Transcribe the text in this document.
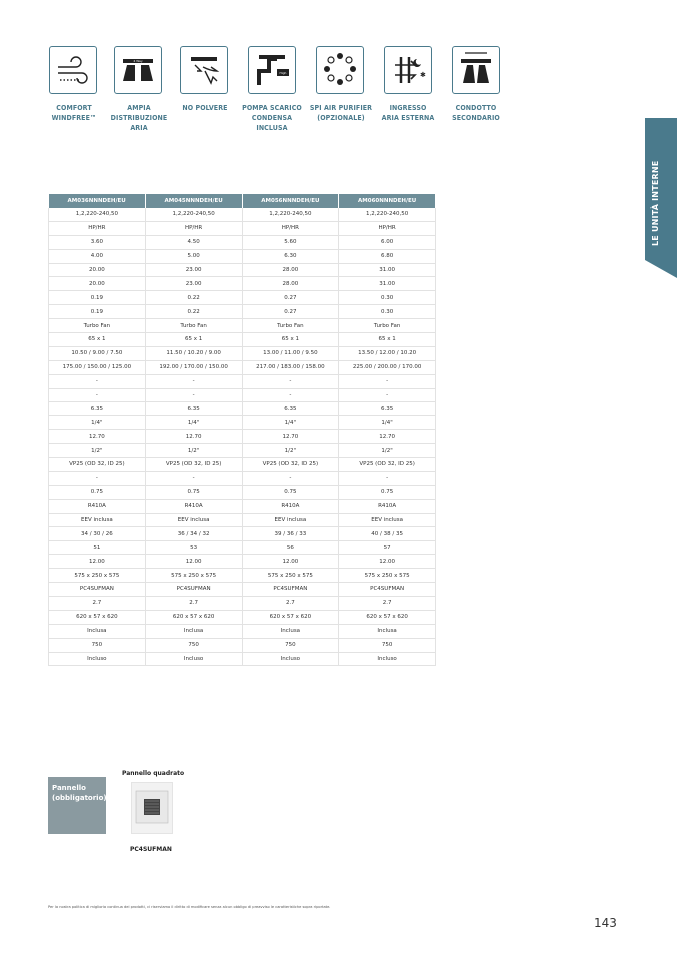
4 Way
High	✱
COMFORT
WINDFREE™
AMPIA
DISTRIBUZIONE
ARIA
NO POLVERE	POMPA SCARICO
CONDENSA
INCLUSA
SPI AIR PURIFIER
(OPZIONALE)
INGRESSO
ARIA ESTERNA
CONDOTTO
SECONDARIO
LE UNITÀ INTERNE
AM036NNNDEH/EU	AM045NNNDEH/EU	AM056NNNDEH/EU	AM060NNNDEH/EU
1,2,220-240,50	1,2,220-240,50	1,2,220-240,50	1,2,220-240,50
HP/HR	HP/HR	HP/HR	HP/HR
3.60	4.50	5.60	6.00
4.00	5.00	6.30	6.80
20.00	23.00	28.00	31.00
20.00	23.00	28.00	31.00
0.19	0.22	0.27	0.30
0.19	0.22	0.27	0.30
Turbo Fan	Turbo Fan	Turbo Fan	Turbo Fan
65 x 1	65 x 1	65 x 1	65 x 1
10.50 / 9.00 / 7.50	11.50 / 10.20 / 9.00	13.00 / 11.00 / 9.50	13.50 / 12.00 / 10.20
175.00 / 150.00 / 125.00	192.00 / 170.00 / 150.00	217.00 / 183.00 / 158.00	225.00 / 200.00 / 170.00
-	-	-	-
-	-	-	-
6.35	6.35	6.35	6.35
1/4"	1/4"	1/4"	1/4"
12.70	12.70	12.70	12.70
1/2"	1/2"	1/2"	1/2"
VP25 (OD 32, ID 25)	VP25 (OD 32, ID 25)	VP25 (OD 32, ID 25)	VP25 (OD 32, ID 25)
-	-	-	-
0.75	0.75	0.75	0.75
R410A	R410A	R410A	R410A
EEV inclusa	EEV inclusa	EEV inclusa	EEV inclusa
34 / 30 / 26	36 / 34 / 32	39 / 36 / 33	40 / 38 / 35
51	53	56	57
12.00	12.00	12.00	12.00
575 x 250 x 575	575 x 250 x 575	575 x 250 x 575	575 x 250 x 575
PC4SUFMAN	PC4SUFMAN	PC4SUFMAN	PC4SUFMAN
2.7	2.7	2.7	2.7
620 x 57 x 620	620 x 57 x 620	620 x 57 x 620	620 x 57 x 620
Inclusa	Inclusa	Inclusa	Inclusa
750	750	750	750
Incluso	Incluso	Incluso	Incluso
Pannello
(obbligatorio)
Pannello quadrato
PC4SUFMAN
Per la nostra politica di miglioria continua dei prodotti, ci riserviamo il diritto di modificare senza alcun obbligo di preavviso le caratteristiche sopra riportate.
143
